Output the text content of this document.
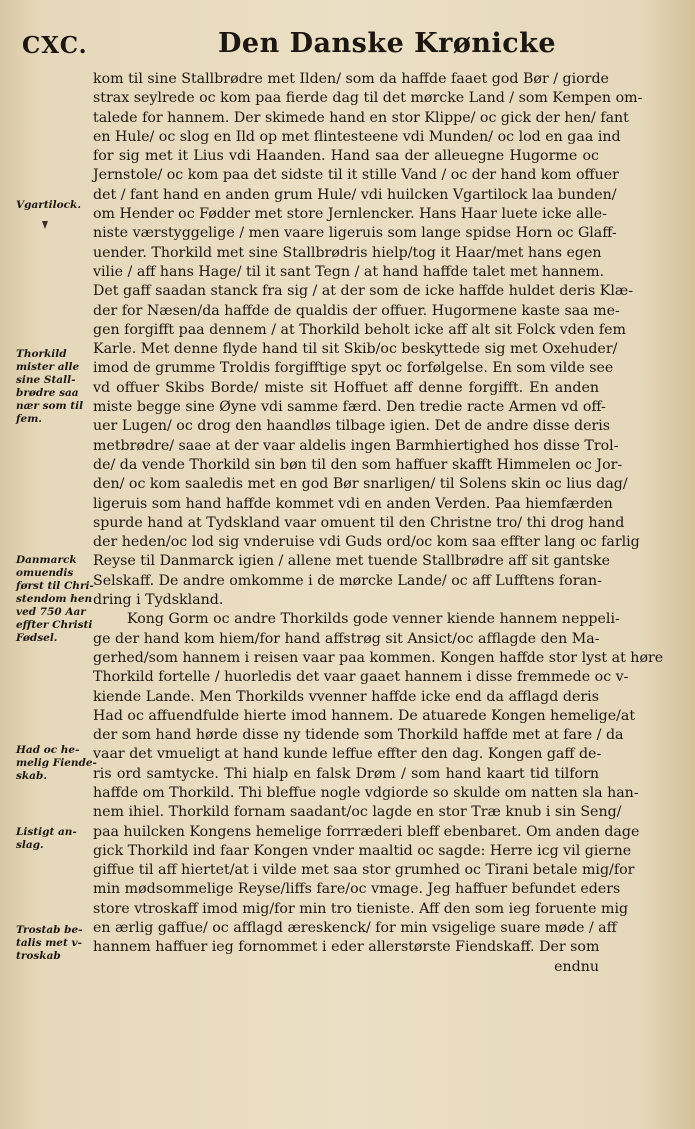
CXC.	Den Danske Krønicke
kom til sine Stallbrødre met Ilden/ som da haffde faaet god Bør / giorde
strax seylrede oc kom paa fierde dag til det mørcke Land / som Kempen om-
talede for hannem. Der skimede hand en stor Klippe/ oc gick der hen/ fant
en Hule/ oc slog en Ild op met flintesteene vdi Munden/ oc lod en gaa ind
for sig met it Lius vdi Haanden. Hand saa der alleuegne Hugorme oc
Jernstole/ oc kom paa det sidste til it stille Vand / oc der hand kom offuer
det / fant hand en anden grum Hule/ vdi huilcken Vgartilock laa bunden/
om Hender oc Fødder met store Jernlencker. Hans Haar luete icke alle-
niste værstyggelige / men vaare ligeruis som lange spidse Horn oc Glaff-
uender. Thorkild met sine Stallbrødris hielp/tog it Haar/met hans egen
vilie / aff hans Hage/ til it sant Tegn / at hand haffde talet met hannem.
Det gaff saadan stanck fra sig / at der som de icke haffde huldet deris Klæ-
der for Næsen/da haffde de qualdis der offuer. Hugormene kaste saa me-
gen forgifft paa dennem / at Thorkild beholt icke aff alt sit Folck vden fem
Karle. Met denne flyde hand til sit Skib/oc beskyttede sig met Oxehuder/
imod de grumme Troldis forgifftige spyt oc forfølgelse. En som vilde see
vd offuer Skibs Borde/ miste sit Hoffuet aff denne forgifft. En anden
miste begge sine Øyne vdi samme færd. Den tredie racte Armen vd off-
uer Lugen/ oc drog den haandløs tilbage igien. Det de andre disse deris
metbrødre/ saae at der vaar aldelis ingen Barmhiertighed hos disse Trol-
de/ da vende Thorkild sin bøn til den som haffuer skafft Himmelen oc Jor-
den/ oc kom saaledis met en god Bør snarligen/ til Solens skin oc lius dag/
ligeruis som hand haffde kommet vdi en anden Verden. Paa hiemfærden
spurde hand at Tydskland vaar omuent til den Christne tro/ thi drog hand
der heden/oc lod sig vnderuise vdi Guds ord/oc kom saa effter lang oc farlig
Reyse til Danmarck igien / allene met tuende Stallbrødre aff sit gantske
Selskaff. De andre omkomme i de mørcke Lande/ oc aff Lufftens foran-
dring i Tydskland.
Kong Gorm oc andre Thorkilds gode venner kiende hannem neppeli-
ge der hand kom hiem/for hand affstrøg sit Ansict/oc afflagde den Ma-
gerhed/som hannem i reisen vaar paa kommen. Kongen haffde stor lyst at høre
Thorkild fortelle / huorledis det vaar gaaet hannem i disse fremmede oc v-
kiende Lande. Men Thorkilds vvenner haffde icke end da afflagd deris
Had oc affuendfulde hierte imod hannem. De atuarede Kongen hemelige/at
der som hand hørde disse ny tidende som Thorkild haffde met at fare / da
vaar det vmueligt at hand kunde leffue effter den dag. Kongen gaff de-
ris ord samtycke. Thi hialp en falsk Drøm / som hand kaart tid tilforn
haffde om Thorkild. Thi bleffue nogle vdgiorde so skulde om natten sla han-
nem ihiel. Thorkild fornam saadant/oc lagde en stor Træ knub i sin Seng/
paa huilcken Kongens hemelige forrræderi bleff ebenbaret. Om anden dage
gick Thorkild ind faar Kongen vnder maaltid oc sagde: Herre icg vil gierne
giffue til aff hiertet/at i vilde met saa stor grumhed oc Tirani betale mig/for
min mødsommelige Reyse/liffs fare/oc vmage. Jeg haffuer befundet eders
store vtroskaff imod mig/for min tro tieniste. Aff den som ieg foruente mig
en ærlig gaffue/ oc afflagd æreskenck/ for min vsigelige suare møde / aff
hannem haffuer ieg fornommet i eder allerstørste Fiendskaff. Der som
endnu
Vgartilock.
Thorkild
mister alle
sine Stall-
brødre saa
nær som til
fem.
Danmarck
omuendis
først til Chri-
stendom hen
ved 750 Aar
effter Christi
Fødsel.
Had oc he-
melig Fiende-
skab.
Listigt an-
slag.
Trostab be-
talis met v-
troskab
